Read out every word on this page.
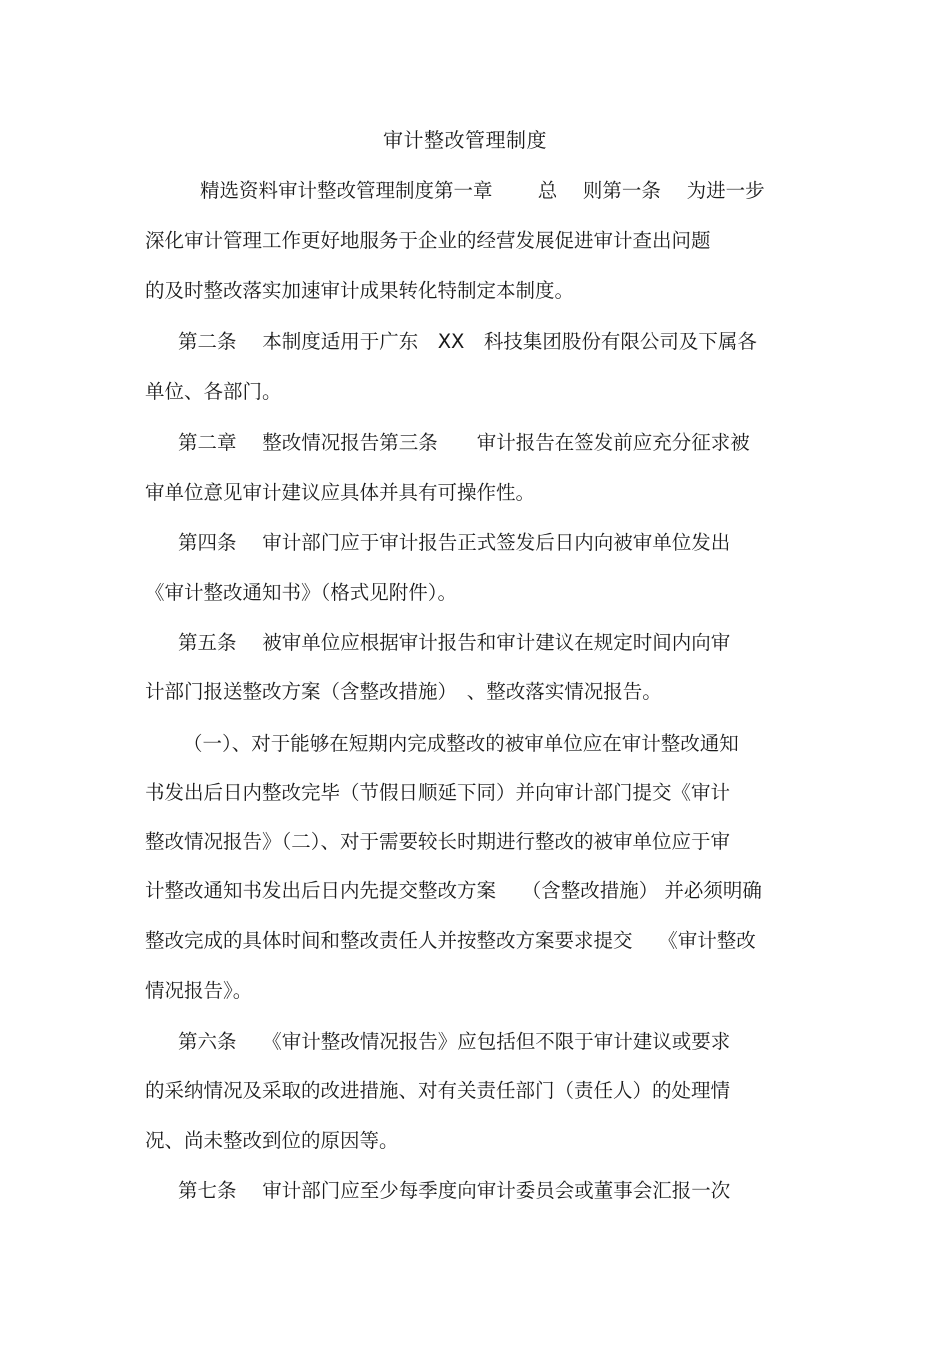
审计整改管理制度

精选资料审计整改管理制度第一章　　 总　 则第一条　 为进一步

深化审计管理工作更好地服务于企业的经营发展促进审计查出问题

的及时整改落实加速审计成果转化特制定本制度。

第二条　 本制度适用于广东　XX　科技集团股份有限公司及下属各

单位、各部门。

第二章　 整改情况报告第三条　　审计报告在签发前应充分征求被

审单位意见审计建议应具体并具有可操作性。

第四条　 审计部门应于审计报告正式签发后日内向被审单位发出

《审计整改通知书》（格式见附件）。

第五条　 被审单位应根据审计报告和审计建议在规定时间内向审

计部门报送整改方案（含整改措施）　、整改落实情况报告。

（一）、对于能够在短期内完成整改的被审单位应在审计整改通知

书发出后日内整改完毕（节假日顺延下同）并向审计部门提交《审计

整改情况报告》（二）、对于需要较长时期进行整改的被审单位应于审

计整改通知书发出后日内先提交整改方案　 （含整改措施） 并必须明确

整改完成的具体时间和整改责任人并按整改方案要求提交　 《审计整改

情况报告》。

第六条　 《审计整改情况报告》应包括但不限于审计建议或要求

的采纳情况及采取的改进措施、对有关责任部门（责任人）的处理情

况、尚未整改到位的原因等。

第七条　 审计部门应至少每季度向审计委员会或董事会汇报一次
